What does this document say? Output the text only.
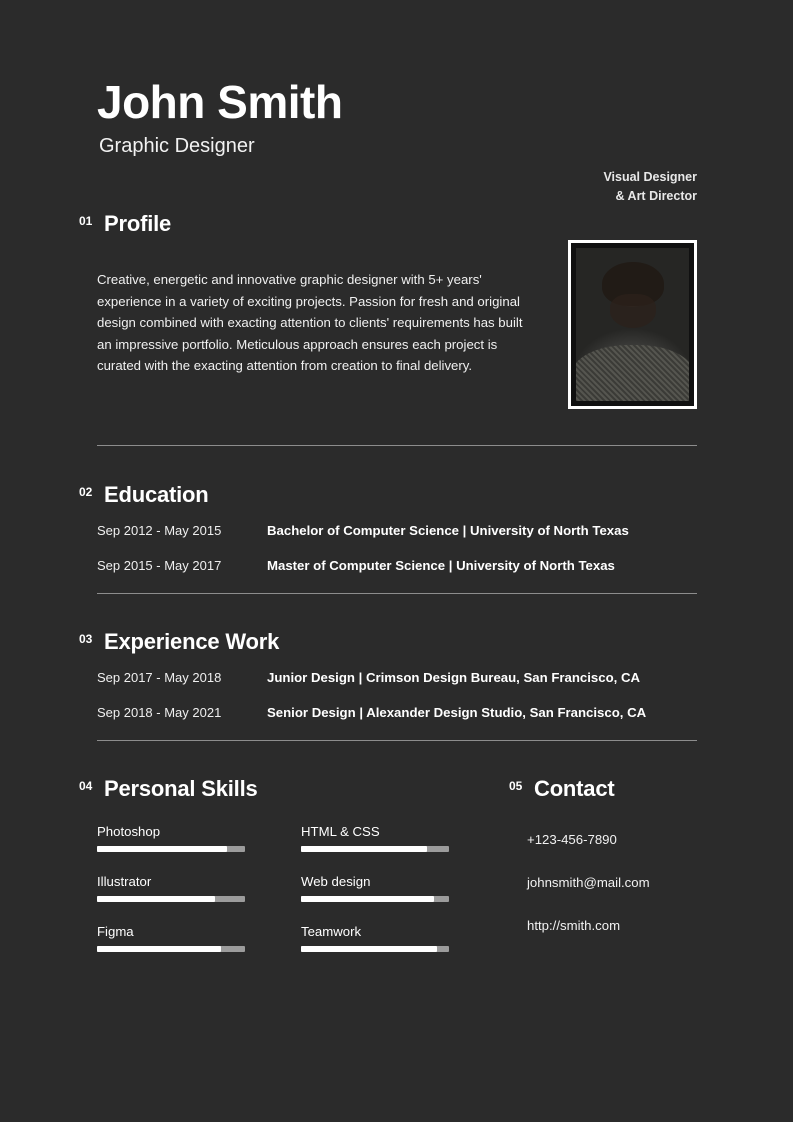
John Smith
Graphic Designer
Visual Designer
& Art Director
01 Profile

Creative, energetic and innovative graphic designer with 5+ years' experience in a variety of exciting projects. Passion for fresh and original design combined with exacting attention to clients' requirements has built an impressive portfolio. Meticulous approach ensures each project is curated with the exacting attention from creation to final delivery.

02 Education
Sep 2012 - May 2015	Bachelor of Computer Science | University of North Texas
Sep 2015 - May 2017	Master of Computer Science | University of North Texas
03 Experience Work
Sep 2017 - May 2018	Junior Design | Crimson Design Bureau, San Francisco, CA
Sep 2018 - May 2021	Senior Design | Alexander Design Studio, San Francisco, CA
04 Personal Skills
Photoshop
Illustrator
Figma
HTML & CSS
Web design
Teamwork
05 Contact
+123-456-7890
johnsmith@mail.com
http://smith.com
